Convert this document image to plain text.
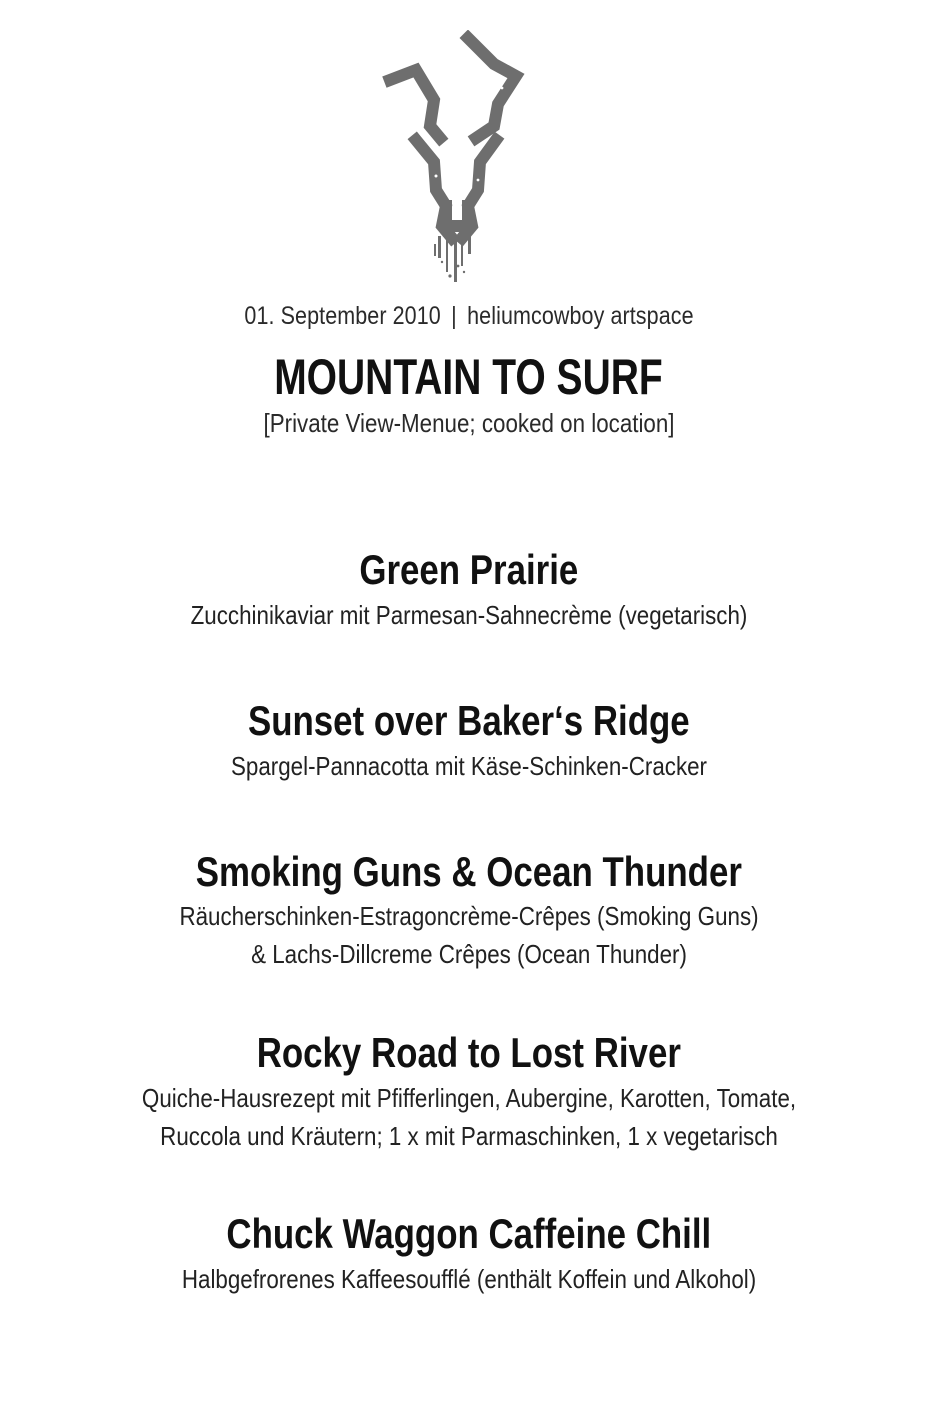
01. September 2010 | heliumcowboy artspace
MOUNTAIN TO SURF
[Private View-Menue; cooked on location]
Green Prairie
Zucchinikaviar mit Parmesan-Sahnecrème (vegetarisch)
Sunset over Baker‘s Ridge
Spargel-Pannacotta mit Käse-Schinken-Cracker
Smoking Guns & Ocean Thunder
Räucherschinken-Estragoncrème-Crêpes (Smoking Guns)
& Lachs-Dillcreme Crêpes (Ocean Thunder)
Rocky Road to Lost River
Quiche-Hausrezept mit Pfifferlingen, Aubergine, Karotten, Tomate,
Ruccola und Kräutern; 1 x mit Parmaschinken, 1 x vegetarisch
Chuck Waggon Caffeine Chill
Halbgefrorenes Kaffeesoufflé (enthält Koffein und Alkohol)
